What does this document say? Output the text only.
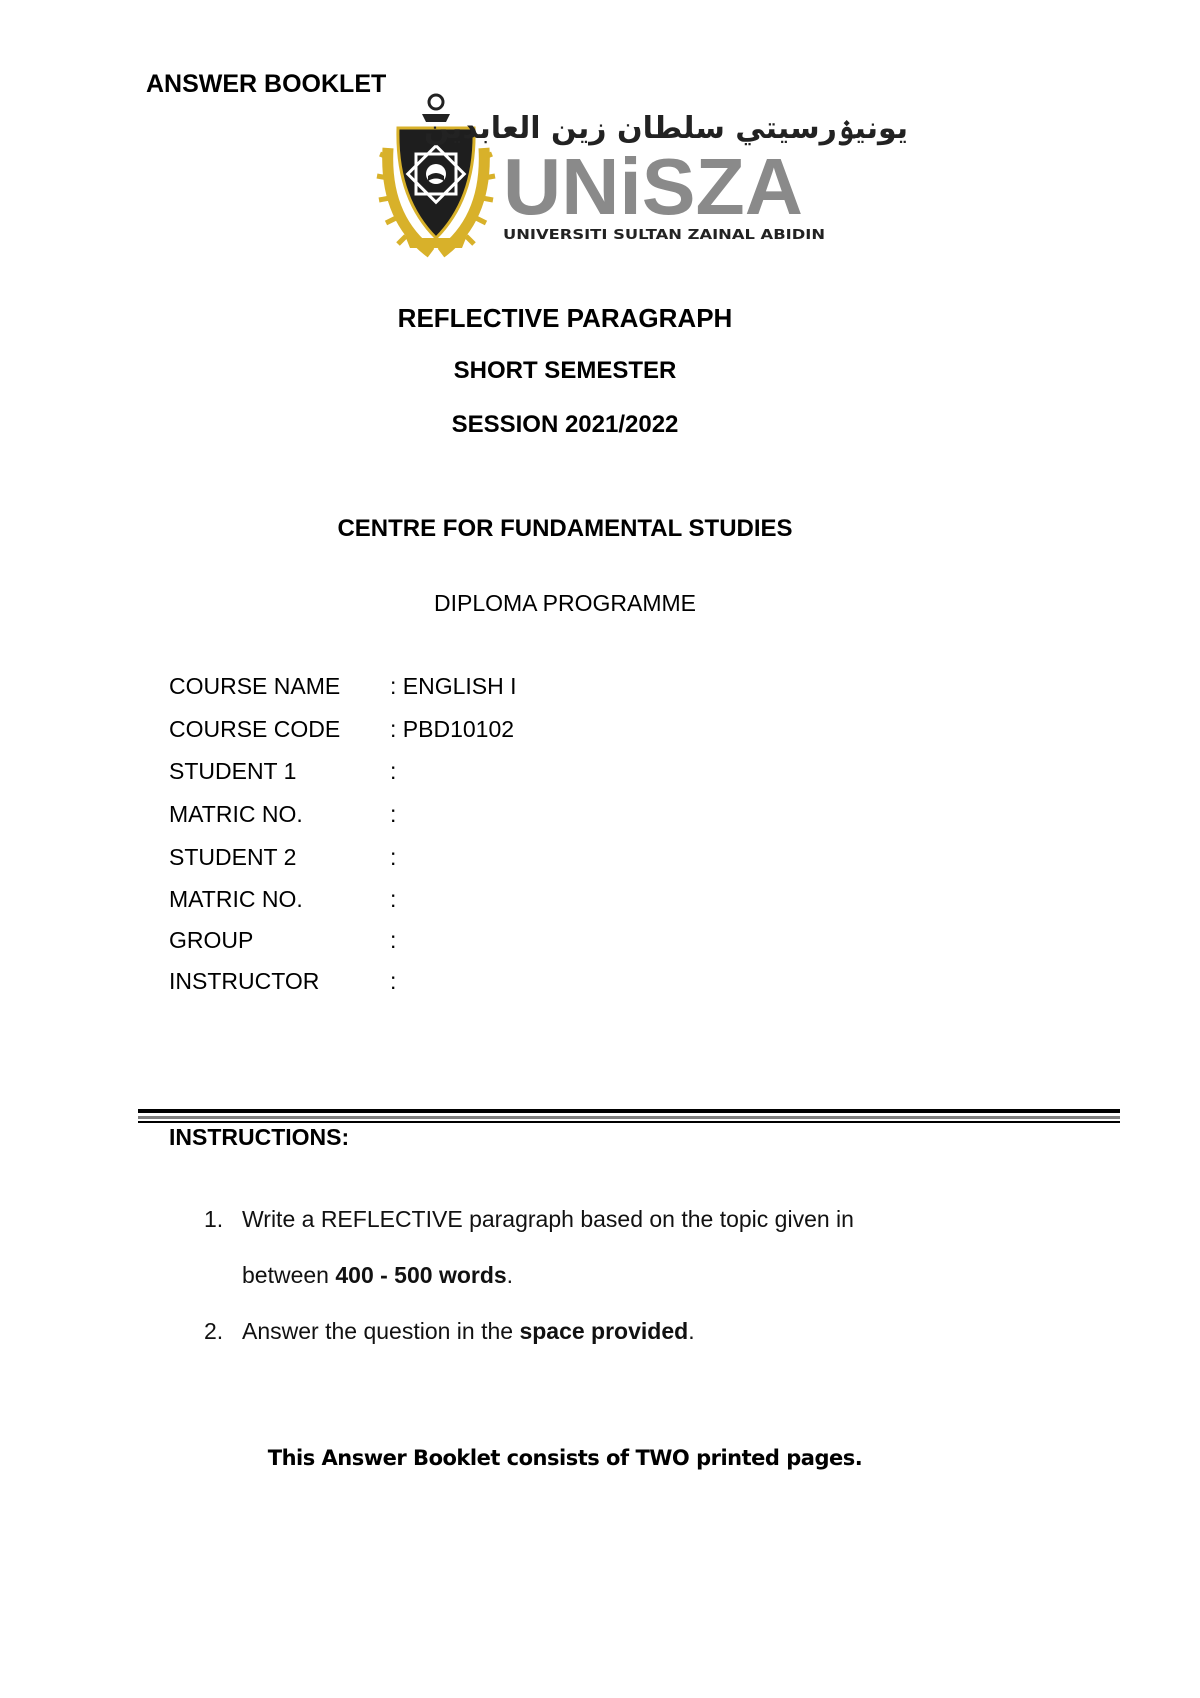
ANSWER BOOKLET
يونيۏرسيتي سلطان زين العابدين
UNiSZA
UNIVERSITI SULTAN ZAINAL ABIDIN
REFLECTIVE PARAGRAPH
SHORT SEMESTER
SESSION 2021/2022
CENTRE FOR FUNDAMENTAL STUDIES
DIPLOMA PROGRAMME
COURSE NAME : ENGLISH I
COURSE CODE : PBD10102
STUDENT 1	:
MATRIC NO.	:
STUDENT 2	:
MATRIC NO.	:
GROUP	:
INSTRUCTOR	:
INSTRUCTIONS:
1. Write a REFLECTIVE paragraph based on the topic given in
between 400 - 500 words.
2. Answer the question in the space provided.
This Answer Booklet consists of TWO printed pages.
